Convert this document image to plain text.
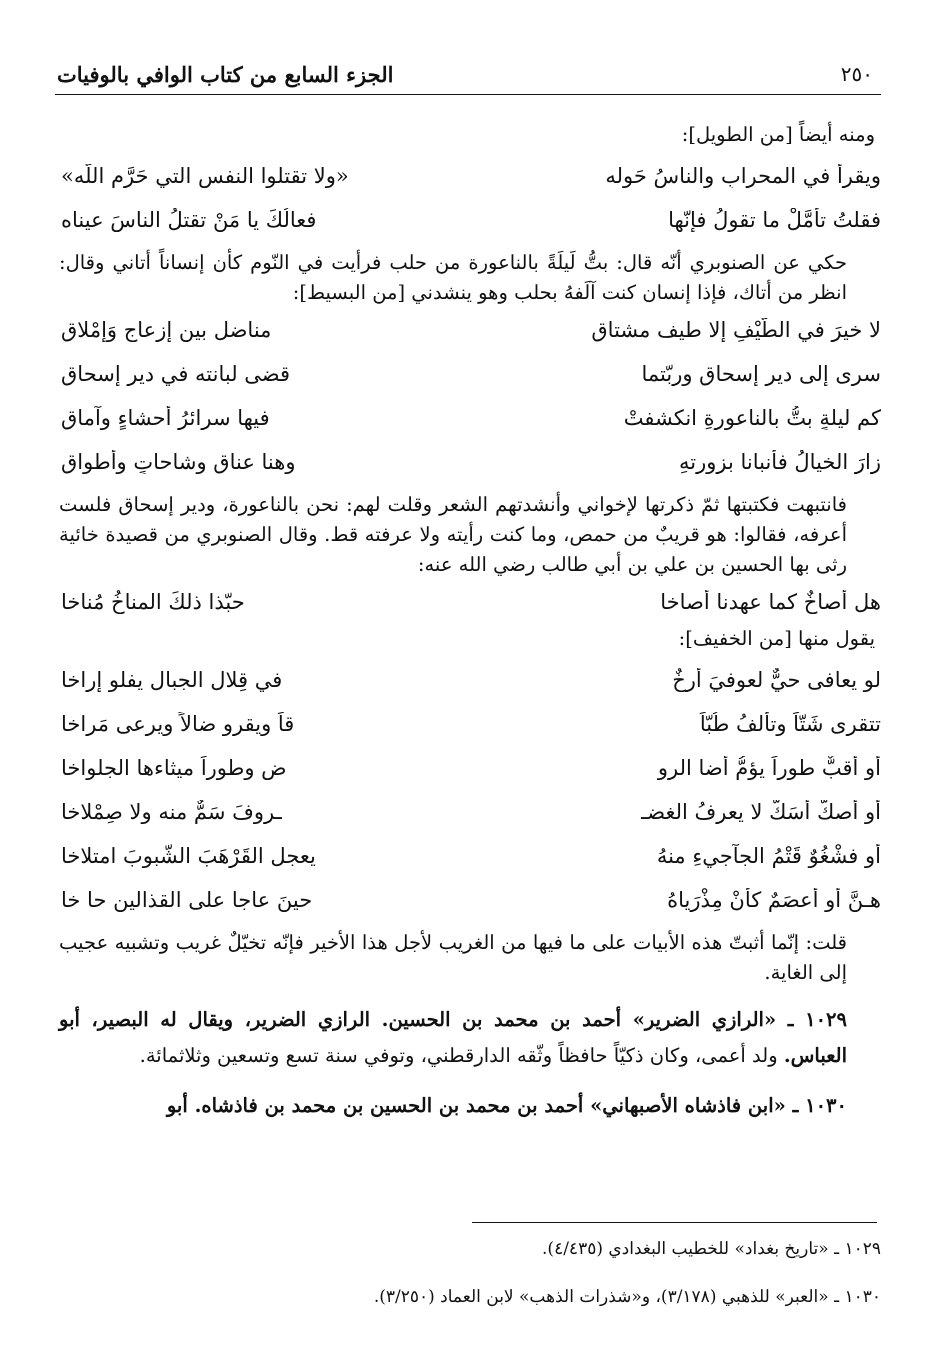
٢٥٠
الجزء السابع من كتاب الوافي بالوفيات
ومنه أيضاً [من الطويل]:
ويقرأُ في المحرابِ والناسُ حَوله
«ولا تقتلوا النفس التي حَرَّم اللّه»
فقلتُ تأمَّلْ ما تقولُ فإنّها
فعالُكَ يا مَنْ تقتلُ الناسَ عيناه
حكي عن الصنوبري أنّه قال: بتُّ لَيلَةً بالناعورة من حلب فرأيت في النّوم كأن إنساناً أتاني وقال: انظر من أتاك، فإذا إنسان كنت آلَفهُ بحلب وهو ينشدني [من البسيط]:
لا خيرَ في الطّيْفِ إلا طيف مشتاقِ
مناضل بين إزعاجٍ وَإمْلاقِ
سرى إلى دير إسحاق وربّتما
قضى لبانته في دير إسحاقِ
كم ليلةٍ بتُّ بالناعورةِ انكشفتْ
فيها سرائرُ أحشاءٍ وآماقِ
زارَ الخيالُ فأنبانا بزورتهِ
وهنا عناق وشاحاتٍ وأطواقِ
فانتبهت فكتبتها ثمّ ذكرتها لإخواني وأنشدتهم الشعر وقلت لهم: نحن بالناعورة، ودير إسحاق فلست أعرفه، فقالوا: هو قريبٌ من حمص، وما كنت رأيته ولا عرفته قط. وقال الصنوبري من قصيدة خائية رثى بها الحسين بن علي بن أبي طالب رضي الله عنه:
هل أُصاخٌ كما عهدنا أُصاخا
حبّذا ذلكَ المناخُ مُناخا
يقول منها [من الخفيف]:
لو يعافى حيٌّ لعوفيَ أرخٌ
في قِلالِ الجبال يفلو إراخا
تتقرى شَتّاً وتألفُ طُبّاً
قاً ويقرو ضالاً ويرعى مَراخا
أو أقبٌّ طوراً يؤمُّ أضا الرو
ضِ وطوراً ميثاءها الجلواخا
أو أصكُّ أسَكُّ لا يعرفُ الغضـ
ـروفَ سَمٌّ منه ولا صِمْلاخا
أو فشْغُوٌ قَتْمُ الجآجيءِ منهُ
يعجل القَرْهَبَ الشَّبوبَ امتلاخا
هـنَّ أو أعصَمٌ كأنْ مِذْرَياهُ
حينَ عاجا على القذالين حا خا
قلت: إنّما أثبتّ هذه الأبيات على ما فيها من الغريب لأجل هذا الأخير فإنّه تخيّلٌ غريب وتشبيه عجيب إلى الغاية.
١٠٢٩ ـ «الرازي الضرير» أحمد بن محمد بن الحسين. الرازي الضرير، ويقال له البصير، أبو العباس. ولد أعمى، وكان ذكيّاً حافظاً وثّقه الدارقطني، وتوفي سنة تسع وتسعين وثلاثمائة.
١٠٣٠ ـ «ابن فاذشاه الأصبهاني» أحمد بن محمد بن الحسين بن محمد بن فاذشاه. أبو
١٠٢٩ ـ «تاريخ بغداد» للخطيب البغدادي (٤/٤٣٥).
١٠٣٠ ـ «العبر» للذهبي (٣/١٧٨)، و«شذرات الذهب» لابن العماد (٣/٢٥٠).
